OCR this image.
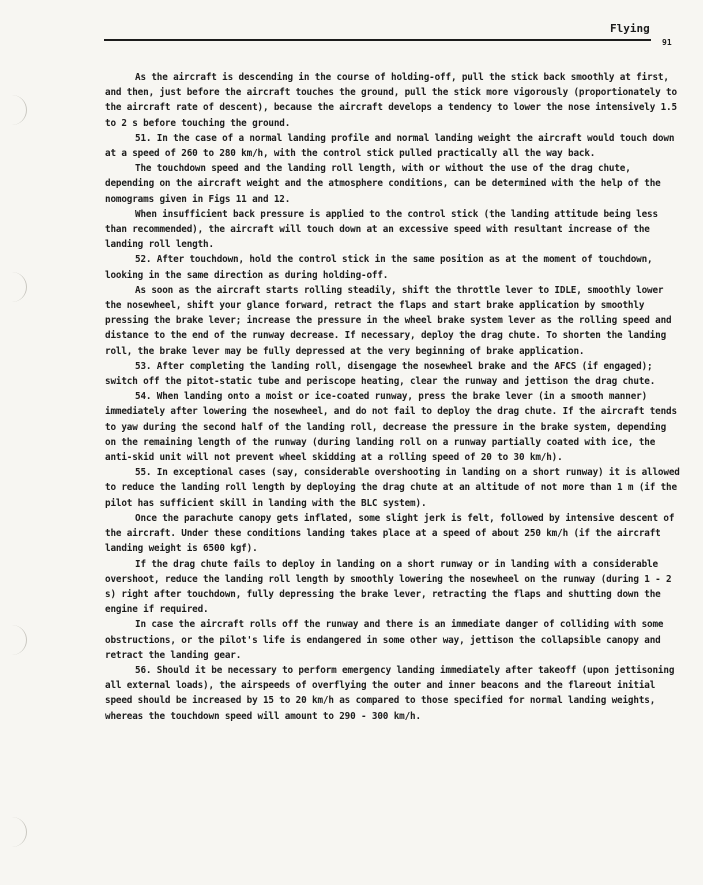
Flying
91

As the aircraft is descending in the course of holding-off, pull the stick back smoothly at first, and then, just before the aircraft touches the ground, pull the stick more vigorously (proportionately to the aircraft rate of descent), because the aircraft develops a tendency to lower the nose intensively 1.5 to 2 s before touching the ground.

51. In the case of a normal landing profile and normal landing weight the aircraft would touch down at a speed of 260 to 280 km/h, with the control stick pulled practically all the way back.

The touchdown speed and the landing roll length, with or without the use of the drag chute, depending on the aircraft weight and the atmosphere conditions, can be determined with the help of the nomograms given in Figs 11 and 12.

When insufficient back pressure is applied to the control stick (the landing attitude being less than recommended), the aircraft will touch down at an excessive speed with resultant increase of the landing roll length.

52. After touchdown, hold the control stick in the same position as at the moment of touchdown, looking in the same direction as during holding-off.

As soon as the aircraft starts rolling steadily, shift the throttle lever to IDLE, smoothly lower the nosewheel, shift your glance forward, retract the flaps and start brake application by smoothly pressing the brake lever; increase the pressure in the wheel brake system lever as the rolling speed and distance to the end of the runway decrease. If necessary, deploy the drag chute. To shorten the landing roll, the brake lever may be fully depressed at the very beginning of brake application.

53. After completing the landing roll, disengage the nosewheel brake and the AFCS (if engaged); switch off the pitot-static tube and periscope heating, clear the runway and jettison the drag chute.

54. When landing onto a moist or ice-coated runway, press the brake lever (in a smooth manner) immediately after lowering the nosewheel, and do not fail to deploy the drag chute. If the aircraft tends to yaw during the second half of the landing roll, decrease the pressure in the brake system, depending on the remaining length of the runway (during landing roll on a runway partially coated with ice, the anti-skid unit will not prevent wheel skidding at a rolling speed of 20 to 30 km/h).

55. In exceptional cases (say, considerable overshooting in landing on a short runway) it is allowed to reduce the landing roll length by deploying the drag chute at an altitude of not more than 1 m (if the pilot has sufficient skill in landing with the BLC system).

Once the parachute canopy gets inflated, some slight jerk is felt, followed by intensive descent of the aircraft. Under these conditions landing takes place at a speed of about 250 km/h (if the aircraft landing weight is 6500 kgf).

If the drag chute fails to deploy in landing on a short runway or in landing with a considerable overshoot, reduce the landing roll length by smoothly lowering the nosewheel on the runway (during 1 - 2 s) right after touchdown, fully depressing the brake lever, retracting the flaps and shutting down the engine if required.

In case the aircraft rolls off the runway and there is an immediate danger of colliding with some obstructions, or the pilot's life is endangered in some other way, jettison the collapsible canopy and retract the landing gear.

56. Should it be necessary to perform emergency landing immediately after takeoff (upon jettisoning all external loads), the airspeeds of overflying the outer and inner beacons and the flareout initial speed should be increased by 15 to 20 km/h as compared to those specified for normal landing weights, whereas the touchdown speed will amount to 290 - 300 km/h.
